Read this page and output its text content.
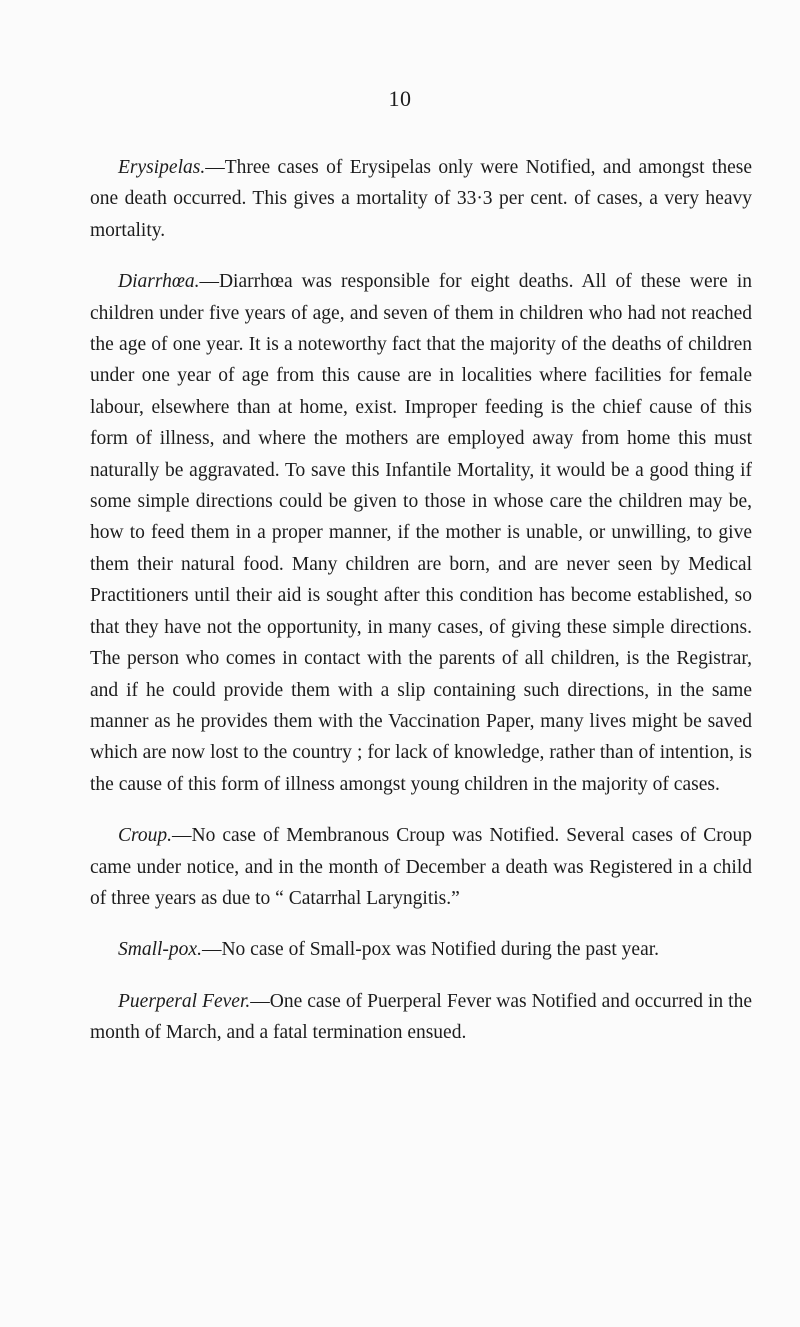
10

Erysipelas.—Three cases of Erysipelas only were Notified, and amongst these one death occurred. This gives a mortality of 33·3 per cent. of cases, a very heavy mortality.

Diarrhœa.—Diarrhœa was responsible for eight deaths. All of these were in children under five years of age, and seven of them in children who had not reached the age of one year. It is a noteworthy fact that the majority of the deaths of children under one year of age from this cause are in localities where facilities for female labour, elsewhere than at home, exist. Improper feeding is the chief cause of this form of illness, and where the mothers are employed away from home this must naturally be aggravated. To save this Infantile Mortality, it would be a good thing if some simple directions could be given to those in whose care the children may be, how to feed them in a proper manner, if the mother is unable, or unwilling, to give them their natural food. Many children are born, and are never seen by Medical Practitioners until their aid is sought after this condition has become established, so that they have not the opportunity, in many cases, of giving these simple directions. The person who comes in contact with the parents of all children, is the Registrar, and if he could provide them with a slip containing such directions, in the same manner as he provides them with the Vaccination Paper, many lives might be saved which are now lost to the country ; for lack of knowledge, rather than of intention, is the cause of this form of illness amongst young children in the majority of cases.

Croup.—No case of Membranous Croup was Notified. Several cases of Croup came under notice, and in the month of December a death was Registered in a child of three years as due to “ Catarrhal Laryngitis.”

Small-pox.—No case of Small-pox was Notified during the past year.

Puerperal Fever.—One case of Puerperal Fever was Notified and occurred in the month of March, and a fatal termination ensued.
